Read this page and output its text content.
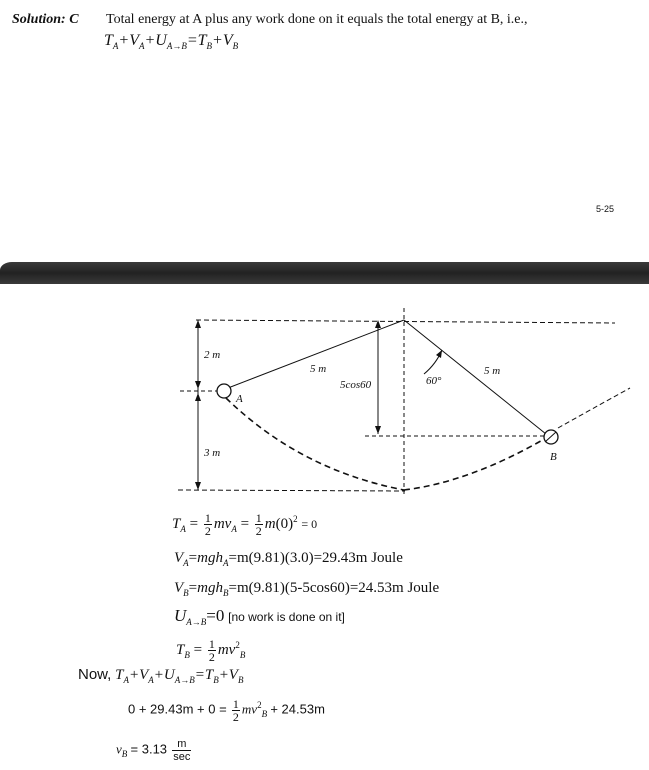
Solution: C Total energy at A plus any work done on it equals the total energy at B, i.e.,
$T_A+V_A+U_{A\to B}=T_B+V_B$
5-25
2 m
3 m
5 m	5 m
5cos60	60°
A
B
$T_A = \frac{1}{2} mv_A = \frac{1}{2} m(0)^2 = 0$
$V_A=mgh_A=m(9.81)(3.0)=29.43m$ Joule
$V_B=mgh_B=m(9.81)(5-5\cos 60)=24.53m$ Joule
$U_{A\to B}=0$ [no work is done on it]
$T_B = \frac{1}{2} mv^2_B$
Now, $T_A+V_A+U_{A\to B}=T_B+V_B$
$0 + 29.43m + 0 = \frac{1}{2} mv^2_B + 24.53m$
$v_B = 3.13 \frac{m}{\sec}$
